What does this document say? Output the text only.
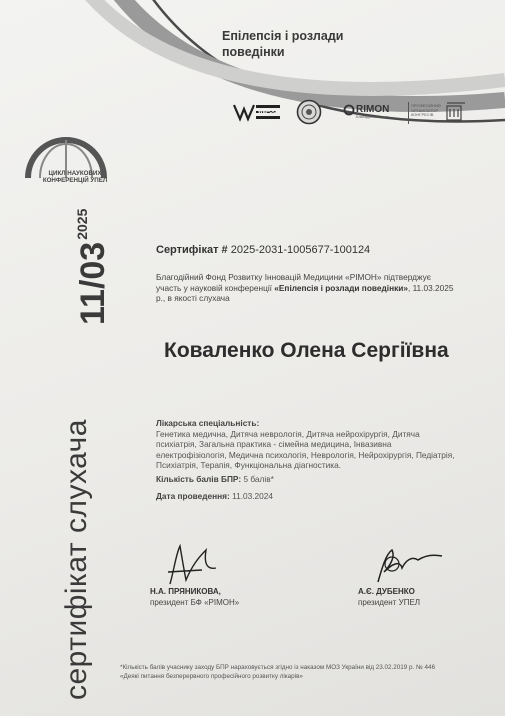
Епілепсія і розлади поведінки
WEFOUND	RIMON
Благодійний Фонд
ПРОФЕСІЙНИЙ ОРГАНІЗАТОР КОНГРЕСІВ
ЦИКЛ НАУКОВИХ КОНФЕРЕНЦІЙ УПЕЛ
$11/03^{2025}$
сертифікат слухача
Сертифікат # 2025-2031-1005677-100124
Благодійний Фонд Розвитку Інновацій Медицини «РІМОН» підтверджує участь у науковій конференції «Епілепсія і розлади поведінки», 11.03.2025 р., в якості слухача
Коваленко Олена Сергіївна
Лікарська спеціальність:
Генетика медична, Дитяча неврологія, Дитяча нейрохірургія, Дитяча психіатрія, Загальна практика - сімейна медицина, Інвазивна електрофізіологія, Медична психологія, Неврологія, Нейрохірургія, Педіатрія, Психіатрія, Терапія, Функціональна діагностика.
Кількість балів БПР: 5 балів*
Дата проведення: 11.03.2024
Н.А. ПРЯНИКОВА,
президент БФ «РІМОН»
А.Є. ДУБЕНКО
президент УПЕЛ
*Кількість балів учаснику заходу БПР нараховується згідно із наказом МОЗ України від 23.02.2019 р. № 446
«Деякі питання безперервного професійного розвитку лікарів»
